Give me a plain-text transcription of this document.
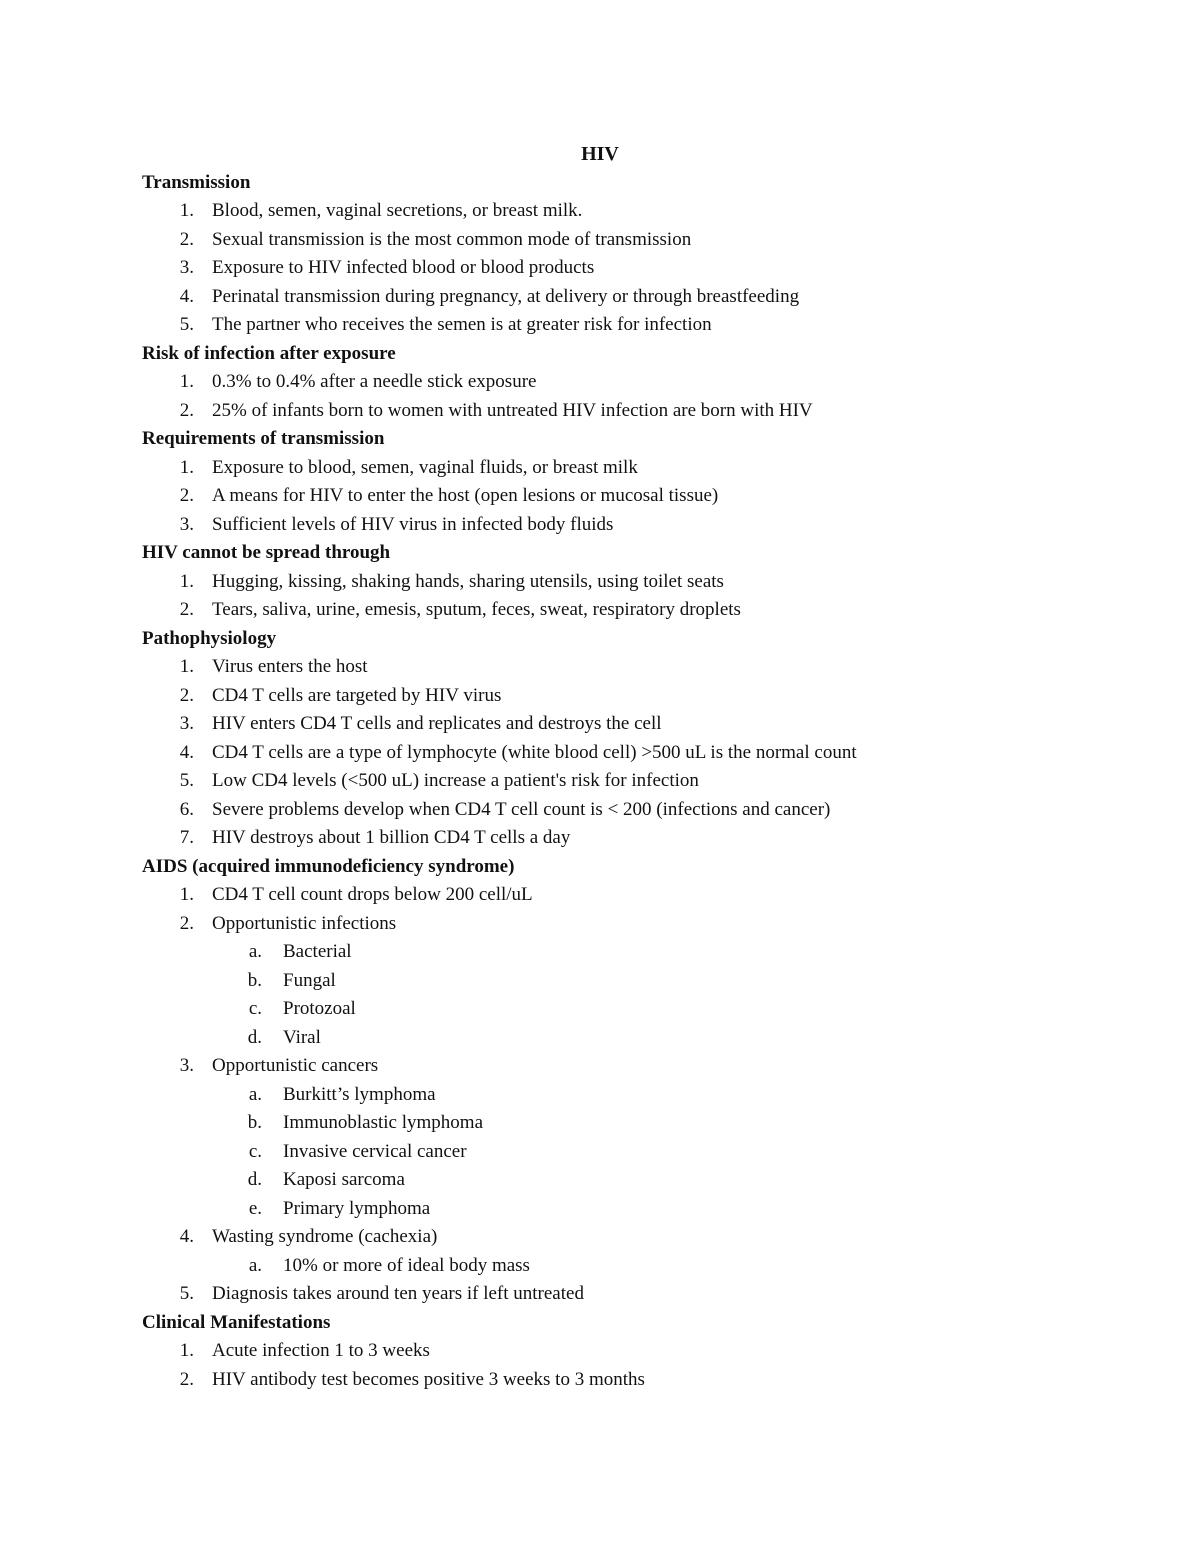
HIV
Transmission
1. Blood, semen, vaginal secretions, or breast milk.
2. Sexual transmission is the most common mode of transmission
3. Exposure to HIV infected blood or blood products
4. Perinatal transmission during pregnancy, at delivery or through breastfeeding
5. The partner who receives the semen is at greater risk for infection
Risk of infection after exposure
1. 0.3% to 0.4% after a needle stick exposure
2. 25% of infants born to women with untreated HIV infection are born with HIV
Requirements of transmission
1. Exposure to blood, semen, vaginal fluids, or breast milk
2. A means for HIV to enter the host (open lesions or mucosal tissue)
3. Sufficient levels of HIV virus in infected body fluids
HIV cannot be spread through
1. Hugging, kissing, shaking hands, sharing utensils, using toilet seats
2. Tears, saliva, urine, emesis, sputum, feces, sweat, respiratory droplets
Pathophysiology
1. Virus enters the host
2. CD4 T cells are targeted by HIV virus
3. HIV enters CD4 T cells and replicates and destroys the cell
4. CD4 T cells are a type of lymphocyte (white blood cell) >500 uL is the normal count
5. Low CD4 levels (<500 uL) increase a patient's risk for infection
6. Severe problems develop when CD4 T cell count is < 200 (infections and cancer)
7. HIV destroys about 1 billion CD4 T cells a day
AIDS (acquired immunodeficiency syndrome)
1. CD4 T cell count drops below 200 cell/uL
2. Opportunistic infections
a. Bacterial
b. Fungal
c. Protozoal
d. Viral
3. Opportunistic cancers
a. Burkitt’s lymphoma
b. Immunoblastic lymphoma
c. Invasive cervical cancer
d. Kaposi sarcoma
e. Primary lymphoma
4. Wasting syndrome (cachexia)
a. 10% or more of ideal body mass
5. Diagnosis takes around ten years if left untreated
Clinical Manifestations
1. Acute infection 1 to 3 weeks
2. HIV antibody test becomes positive 3 weeks to 3 months
